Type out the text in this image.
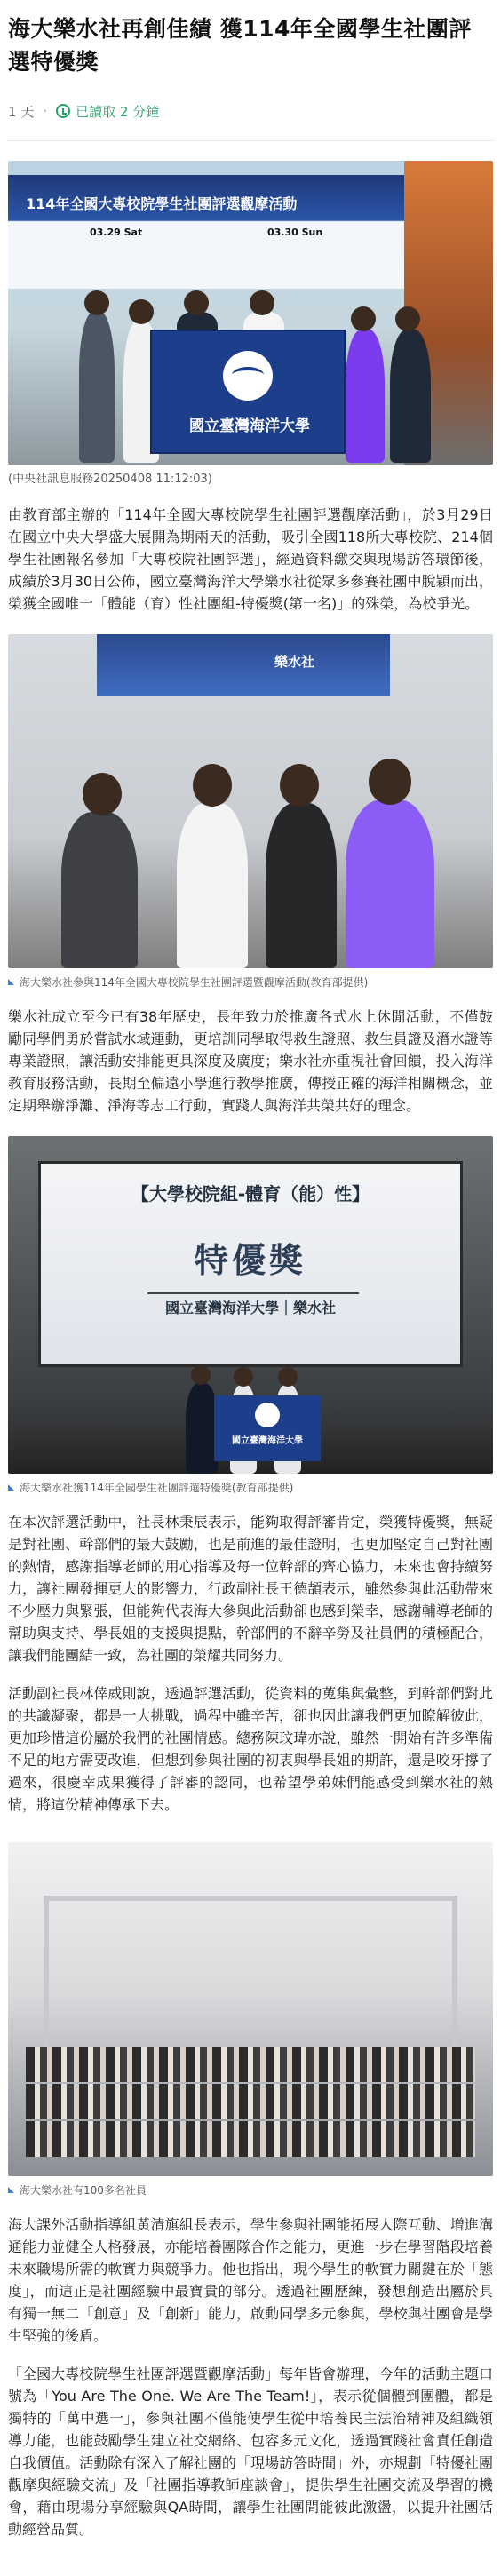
海大樂水社再創佳績 獲114年全國學生社團評選特優獎
1 天 · 已讀取 2 分鐘
114年全國大專校院學生社團評選觀摩活動
03.29 Sat	03.30 Sun
國立臺灣海洋大學
(中央社訊息服務20250408 11:12:03)

由教育部主辦的「114年全國大專校院學生社團評選觀摩活動」，於3月29日在國立中央大學盛大展開為期兩天的活動，吸引全國118所大專校院、214個學生社團報名參加「大專校院社團評選」，經過資料繳交與現場訪答環節後，成績於3月30日公佈，國立臺灣海洋大學樂水社從眾多參賽社團中脫穎而出，榮獲全國唯一「體能（育）性社團組-特優獎(第一名)」的殊榮，為校爭光。

樂水社
海大樂水社參與114年全國大專校院學生社團評選暨觀摩活動(教育部提供)

樂水社成立至今已有38年歷史，長年致力於推廣各式水上休閒活動，不僅鼓勵同學們勇於嘗試水域運動，更培訓同學取得救生證照、救生員證及潛水證等專業證照，讓活動安排能更具深度及廣度；樂水社亦重視社會回饋，投入海洋教育服務活動，長期至偏遠小學進行教學推廣，傳授正確的海洋相關概念，並定期舉辦淨灘、淨海等志工行動，實踐人與海洋共榮共好的理念。

【大學校院組-體育（能）性】
特優獎
國立臺灣海洋大學｜樂水社
國立臺灣海洋大學
海大樂水社獲114年全國學生社團評選特優獎(教育部提供)

在本次評選活動中，社長林秉辰表示，能夠取得評審肯定，榮獲特優獎，無疑是對社團、幹部們的最大鼓勵，也是前進的最佳證明，也更加堅定自己對社團的熱情，感謝指導老師的用心指導及每一位幹部的齊心協力，未來也會持續努力，讓社團發揮更大的影響力，行政副社長王德頡表示，雖然參與此活動帶來不少壓力與緊張，但能夠代表海大參與此活動卻也感到榮幸，感謝輔導老師的幫助與支持、學長姐的支援與提點，幹部們的不辭辛勞及社員們的積極配合，讓我們能團結一致，為社團的榮耀共同努力。

活動副社長林倖威則說，透過評選活動，從資料的蒐集與彙整，到幹部們對此的共識凝聚，都是一大挑戰，過程中雖辛苦，卻也因此讓我們更加瞭解彼此，更加珍惜這份屬於我們的社團情感。總務陳玟瑋亦說，雖然一開始有許多準備不足的地方需要改進，但想到參與社團的初衷與學長姐的期許，還是咬牙撐了過來，很慶幸成果獲得了評審的認同，也希望學弟妹們能感受到樂水社的熱情，將這份精神傳承下去。

海大樂水社有100多名社員

海大課外活動指導組黃清旗組長表示，學生參與社團能拓展人際互動、增進溝通能力並健全人格發展，亦能培養團隊合作之能力，更進一步在學習階段培養未來職場所需的軟實力與競爭力。他也指出，現今學生的軟實力關鍵在於「態度」，而這正是社團經驗中最寶貴的部分。透過社團歷練，發想創造出屬於具有獨一無二「創意」及「創新」能力，啟動同學多元參與，學校與社團會是學生堅強的後盾。

「全國大專校院學生社團評選暨觀摩活動」每年皆會辦理，今年的活動主題口號為「You Are The One. We Are The Team!」，表示從個體到團體，都是獨特的「萬中選一」，參與社團不僅能使學生從中培養民主法治精神及組織領導力能，也能鼓勵學生建立社交網絡、包容多元文化，透過實踐社會責任創造自我價值。活動除有深入了解社團的「現場訪答時間」外，亦規劃「特優社團觀摩與經驗交流」及「社團指導教師座談會」，提供學生社團交流及學習的機會，藉由現場分享經驗與QA時間，讓學生社團間能彼此激盪，以提升社團活動經營品質。
